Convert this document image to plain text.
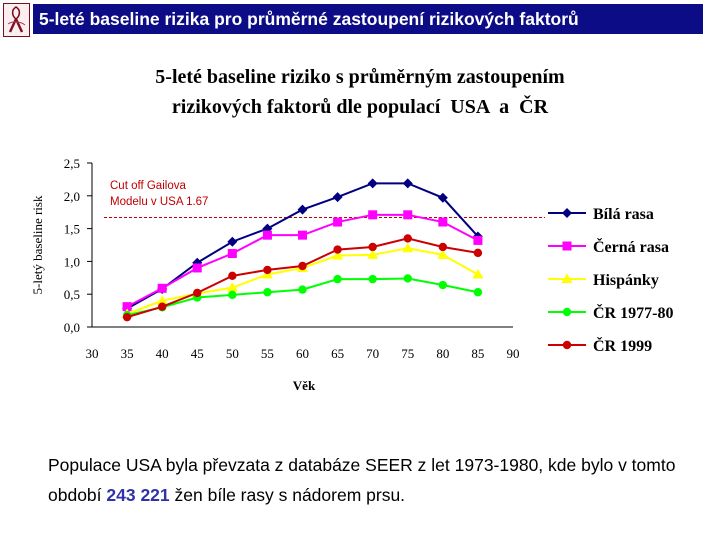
5-leté baseline rizika pro průměrné zastoupení rizikových faktorů
5-leté baseline riziko s průměrným zastoupením
rizikových faktorů dle populací  USA  a  ČR
0,0
0,5
1,0
1,5
2,0
2,5
30 35 40 45 50 55 60 65 70 75 80 85 90
Věk
5-letý baseline risk
Cut off Gailova
Modelu v USA 1.67
Bílá rasa
Černá rasa
Hispánky
ČR 1977-80
ČR 1999
Populace USA byla převzata z databáze SEER z let 1973-1980, kde bylo v tomto období 243 221 žen bíle rasy s nádorem prsu.
